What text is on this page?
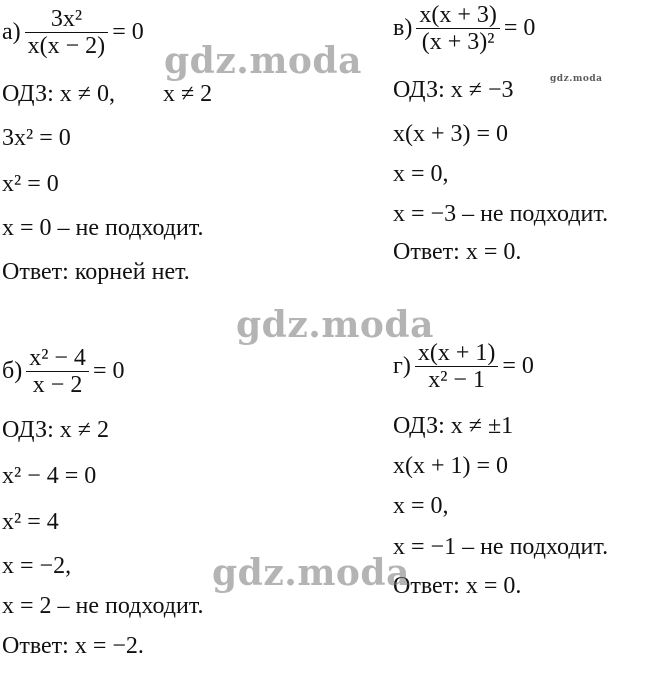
$а) \frac{\text{3x²}}{x(x - 2)} = 0$
ОДЗ: x ≠ 0,        x ≠ 2
3x² = 0
x² = 0
x = 0 – не подходит.
Ответ: корней нет.
$в) \frac{x(x + 3)}{\text{(x + 3)²}} = 0$
ОДЗ: x ≠ −3
x(x + 3) = 0
x = 0,
x = −3 – не подходит.
Ответ: x = 0.
$б) \frac{\text{x² − 4}}{x - 2} = 0$
ОДЗ: x ≠ 2
x² − 4 = 0
x² = 4
x = −2,
x = 2 – не подходит.
Ответ: x = −2.
$г) \frac{x(x + 1)}{\text{x² − 1}} = 0$
ОДЗ: x ≠ ±1
x(x + 1) = 0
x = 0,
x = −1 – не подходит.
Ответ: x = 0.
gdz.moda	gdz.moda
gdz.moda
gdz.moda
